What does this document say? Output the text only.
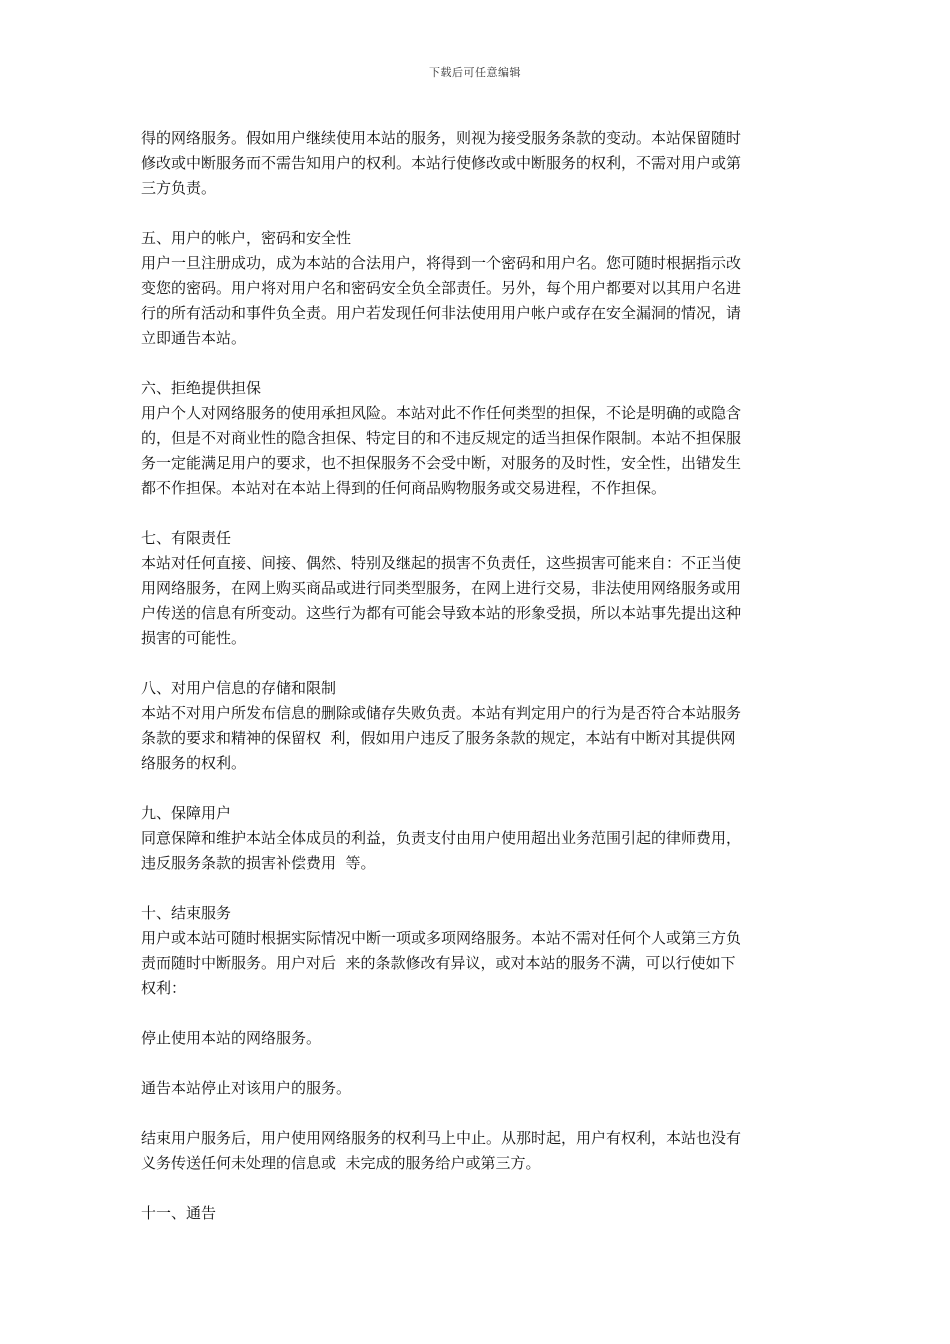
下载后可任意编辑

得的网络服务。假如用户继续使用本站的服务，则视为接受服务条款的变动。本站保留随时

修改或中断服务而不需告知用户的权利。本站行使修改或中断服务的权利，不需对用户或第

三方负责。

五、用户的帐户，密码和安全性

用户一旦注册成功，成为本站的合法用户，将得到一个密码和用户名。您可随时根据指示改

变您的密码。用户将对用户名和密码安全负全部责任。另外，每个用户都要对以其用户名进

行的所有活动和事件负全责。用户若发现任何非法使用用户帐户或存在安全漏洞的情况，请

立即通告本站。

六、拒绝提供担保

用户个人对网络服务的使用承担风险。本站对此不作任何类型的担保，不论是明确的或隐含

的，但是不对商业性的隐含担保、特定目的和不违反规定的适当担保作限制。本站不担保服

务一定能满足用户的要求，也不担保服务不会受中断，对服务的及时性，安全性，出错发生

都不作担保。本站对在本站上得到的任何商品购物服务或交易进程，不作担保。

七、有限责任

本站对任何直接、间接、偶然、特别及继起的损害不负责任，这些损害可能来自：不正当使

用网络服务，在网上购买商品或进行同类型服务，在网上进行交易，非法使用网络服务或用

户传送的信息有所变动。这些行为都有可能会导致本站的形象受损，所以本站事先提出这种

损害的可能性。

八、对用户信息的存储和限制

本站不对用户所发布信息的删除或储存失败负责。本站有判定用户的行为是否符合本站服务

条款的要求和精神的保留权  利，假如用户违反了服务条款的规定，本站有中断对其提供网

络服务的权利。

九、保障用户

同意保障和维护本站全体成员的利益，负责支付由用户使用超出业务范围引起的律师费用，

违反服务条款的损害补偿费用  等。

十、结束服务

用户或本站可随时根据实际情况中断一项或多项网络服务。本站不需对任何个人或第三方负

责而随时中断服务。用户对后  来的条款修改有异议，或对本站的服务不满，可以行使如下

权利：

停止使用本站的网络服务。

通告本站停止对该用户的服务。

结束用户服务后，用户使用网络服务的权利马上中止。从那时起，用户有权利，本站也没有

义务传送任何未处理的信息或  未完成的服务给户或第三方。

十一、通告
